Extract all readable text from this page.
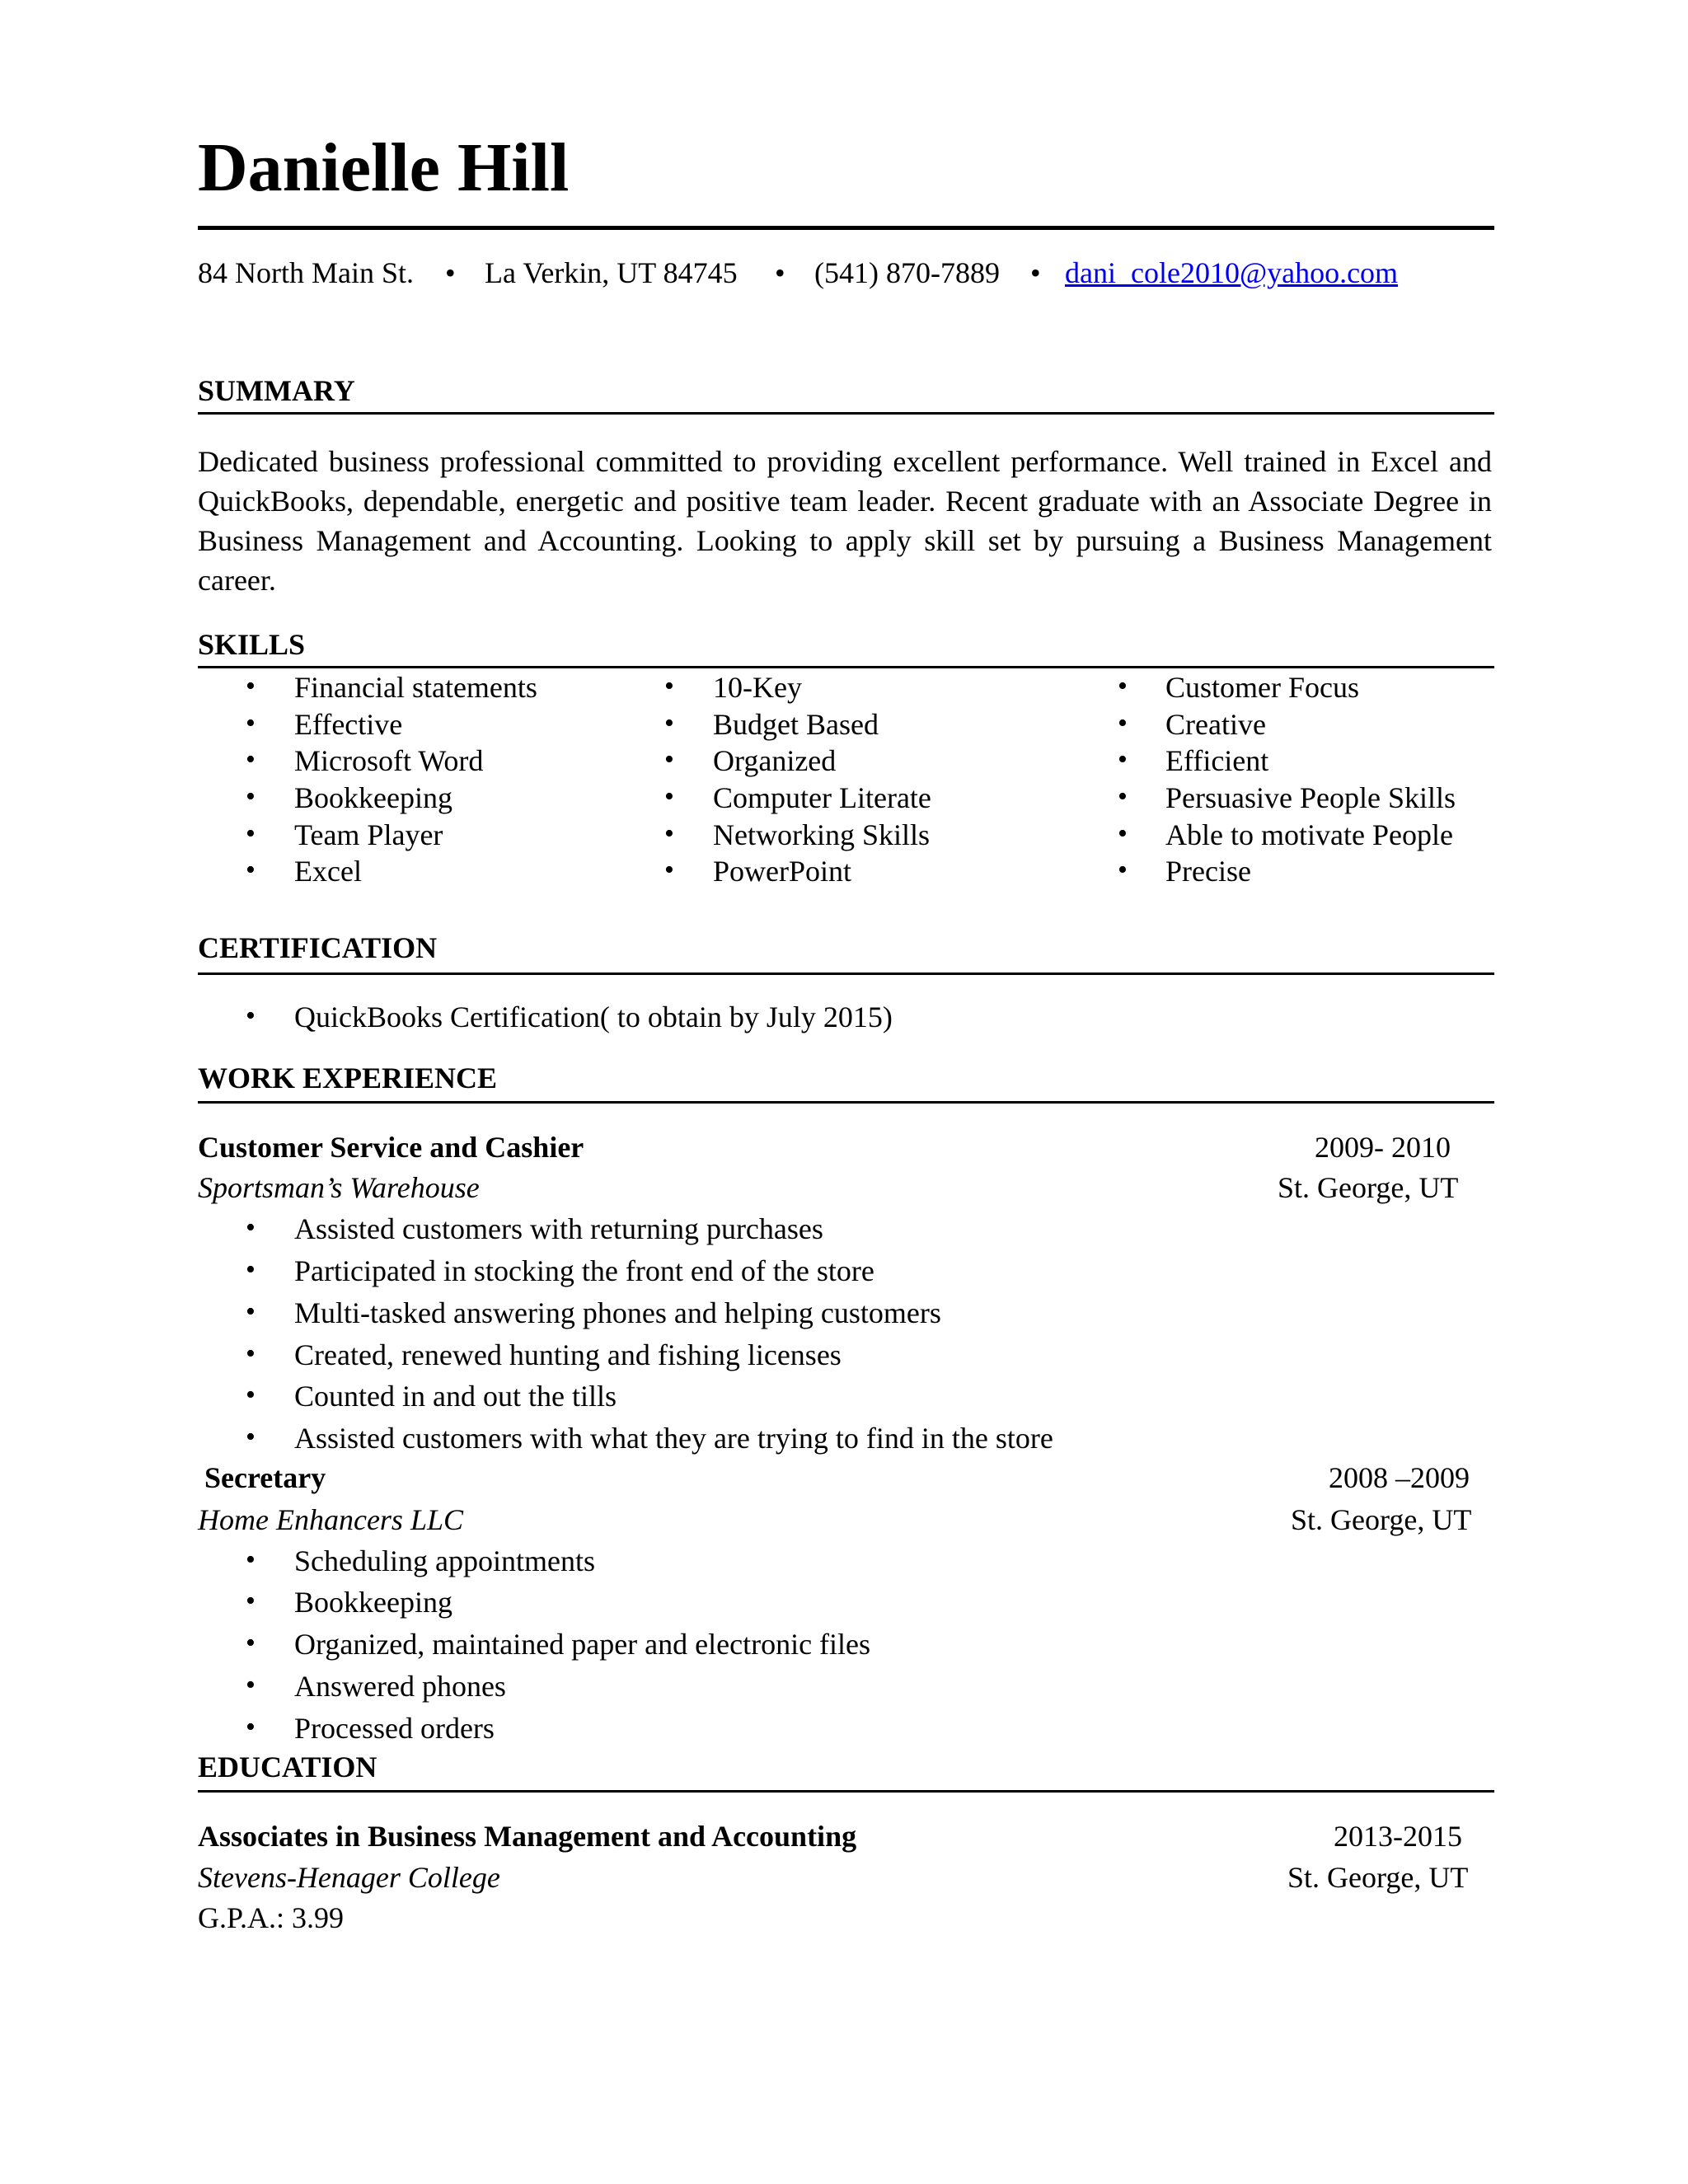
Danielle Hill
84 North Main St. • La Verkin, UT 84745 • (541) 870-7889 • dani_cole2010@yahoo.com
SUMMARY
Dedicated business professional committed to providing excellent performance. Well trained in Excel and QuickBooks, dependable, energetic and positive team leader. Recent graduate with an Associate Degree in Business Management and Accounting. Looking to apply skill set by pursuing a Business Management career.
SKILLS
• Financial statements
• Effective
• Microsoft Word
• Bookkeeping
• Team Player
• Excel
• 10-Key
• Budget Based
• Organized
• Computer Literate
• Networking Skills
• PowerPoint
• Customer Focus
• Creative
• Efficient
• Persuasive People Skills
• Able to motivate People
• Precise
CERTIFICATION
• QuickBooks Certification( to obtain by July 2015)
WORK EXPERIENCE
Customer Service and Cashier	2009- 2010
Sportsman’s Warehouse	St. George, UT
• Assisted customers with returning purchases
• Participated in stocking the front end of the store
• Multi-tasked answering phones and helping customers
• Created, renewed hunting and fishing licenses
• Counted in and out the tills
• Assisted customers with what they are trying to find in the store
Secretary	2008 –2009
Home Enhancers LLC	St. George, UT
• Scheduling appointments
• Bookkeeping
• Organized, maintained paper and electronic files
• Answered phones
• Processed orders
EDUCATION
Associates in Business Management and Accounting	2013-2015
Stevens-Henager College	St. George, UT
G.P.A.: 3.99
